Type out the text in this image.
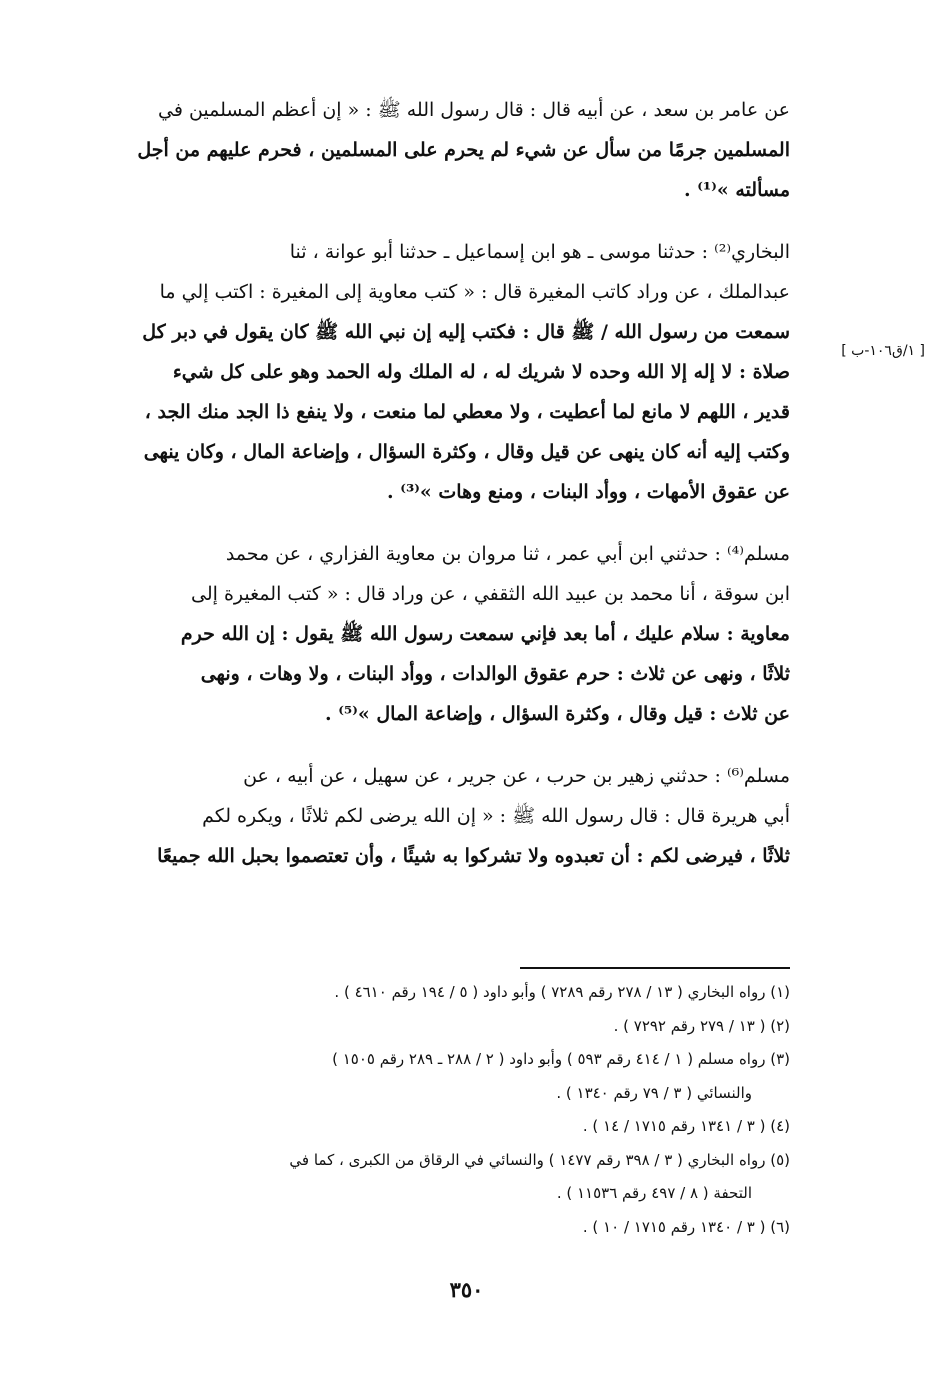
عن عامر بن سعد ، عن أبيه قال : قال رسول الله ﷺ : « إن أعظم المسلمين في
المسلمين جرمًا من سأل عن شيء لم يحرم على المسلمين ، فحرم عليهم من أجل
مسألته »⁽¹⁾ .

البخاري⁽²⁾ : حدثنا موسى ـ هو ابن إسماعيل ـ حدثنا أبو عوانة ، ثنا
عبدالملك ، عن وراد كاتب المغيرة قال : « كتب معاوية إلى المغيرة : اكتب إلي ما
سمعت من رسول الله / ﷺ قال : فكتب إليه إن نبي الله ﷺ كان يقول في دبر كل
صلاة : لا إله إلا الله وحده لا شريك له ، له الملك وله الحمد وهو على كل شيء
قدير ، اللهم لا مانع لما أعطيت ، ولا معطي لما منعت ، ولا ينفع ذا الجد منك الجد ،
وكتب إليه أنه كان ينهى عن قيل وقال ، وكثرة السؤال ، وإضاعة المال ، وكان ينهى
عن عقوق الأمهات ، ووأد البنات ، ومنع وهات »⁽³⁾ .

مسلم⁽⁴⁾ : حدثني ابن أبي عمر ، ثنا مروان بن معاوية الفزاري ، عن محمد
ابن سوقة ، أنا محمد بن عبيد الله الثقفي ، عن وراد قال : « كتب المغيرة إلى
معاوية : سلام عليك ، أما بعد فإني سمعت رسول الله ﷺ يقول : إن الله حرم
ثلاثًا ، ونهى عن ثلاث : حرم عقوق الوالدات ، ووأد البنات ، ولا وهات ، ونهى
عن ثلاث : قيل وقال ، وكثرة السؤال ، وإضاعة المال »⁽⁵⁾ .

مسلم⁽⁶⁾ : حدثني زهير بن حرب ، عن جرير ، عن سهيل ، عن أبيه ، عن
أبي هريرة قال : قال رسول الله ﷺ : « إن الله يرضى لكم ثلاثًا ، ويكره لكم
ثلاثًا ، فيرضى لكم : أن تعبدوه ولا تشركوا به شيئًا ، وأن تعتصموا بحبل الله جميعًا

[ ١/ق١٠٦-ب ]

(١) رواه البخاري ( ١٣ / ٢٧٨ رقم ٧٢٨٩ ) وأبو داود ( ٥ / ١٩٤ رقم ٤٦١٠ ) .

(٢) ( ١٣ / ٢٧٩ رقم ٧٢٩٢ ) .

(٣) رواه مسلم ( ١ / ٤١٤ رقم ٥٩٣ ) وأبو داود ( ٢ / ٢٨٨ ـ ٢٨٩ رقم ١٥٠٥ )
والنسائي ( ٣ / ٧٩ رقم ١٣٤٠ ) .

(٤) ( ٣ / ١٣٤١ رقم ١٧١٥ / ١٤ ) .

(٥) رواه البخاري ( ٣ / ٣٩٨ رقم ١٤٧٧ ) والنسائي في الرقاق من الكبرى ، كما في
التحفة ( ٨ / ٤٩٧ رقم ١١٥٣٦ ) .

(٦) ( ٣ / ١٣٤٠ رقم ١٧١٥ / ١٠ ) .

٣٥٠
